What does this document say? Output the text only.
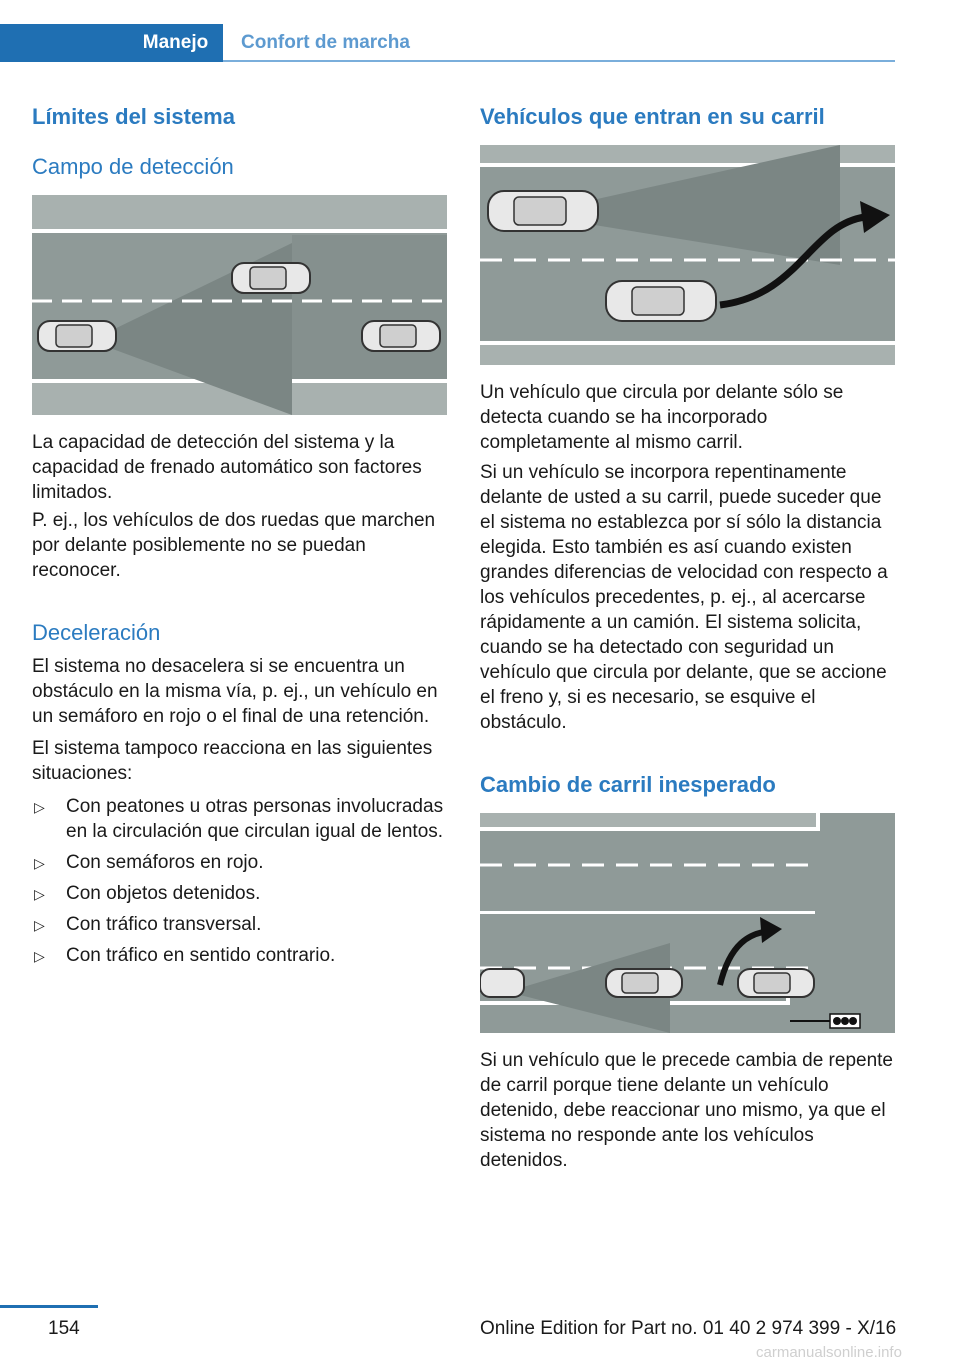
Manejo	Confort de marcha
Límites del sistema
Campo de detección

La capacidad de detección del sistema y la capacidad de frenado automático son factores limitados.

P. ej., los vehículos de dos ruedas que marchen por delante posiblemente no se puedan reconocer.

Deceleración

El sistema no desacelera si se encuentra un obstáculo en la misma vía, p. ej., un vehículo en un semáforo en rojo o el final de una retención.

El sistema tampoco reacciona en las siguientes situaciones:

▷ Con peatones u otras personas involucradas en la circulación que circulan igual de lentos.
▷ Con semáforos en rojo.
▷ Con objetos detenidos.
▷ Con tráfico transversal.
▷ Con tráfico en sentido contrario.
Vehículos que entran en su carril

Un vehículo que circula por delante sólo se detecta cuando se ha incorporado completamente al mismo carril.

Si un vehículo se incorpora repentinamente delante de usted a su carril, puede suceder que el sistema no establezca por sí sólo la distancia elegida. Esto también es así cuando existen grandes diferencias de velocidad con respecto a los vehículos precedentes, p. ej., al acercarse rápidamente a un camión. El sistema solicita, cuando se ha detectado con seguridad un vehículo que circula por delante, que se accione el freno y, si es necesario, se esquive el obstáculo.

Cambio de carril inesperado

Si un vehículo que le precede cambia de repente de carril porque tiene delante un vehículo detenido, debe reaccionar uno mismo, ya que el sistema no responde ante los vehículos detenidos.

154	Online Edition for Part no. 01 40 2 974 399 - X/16
carmanualsonline.info
